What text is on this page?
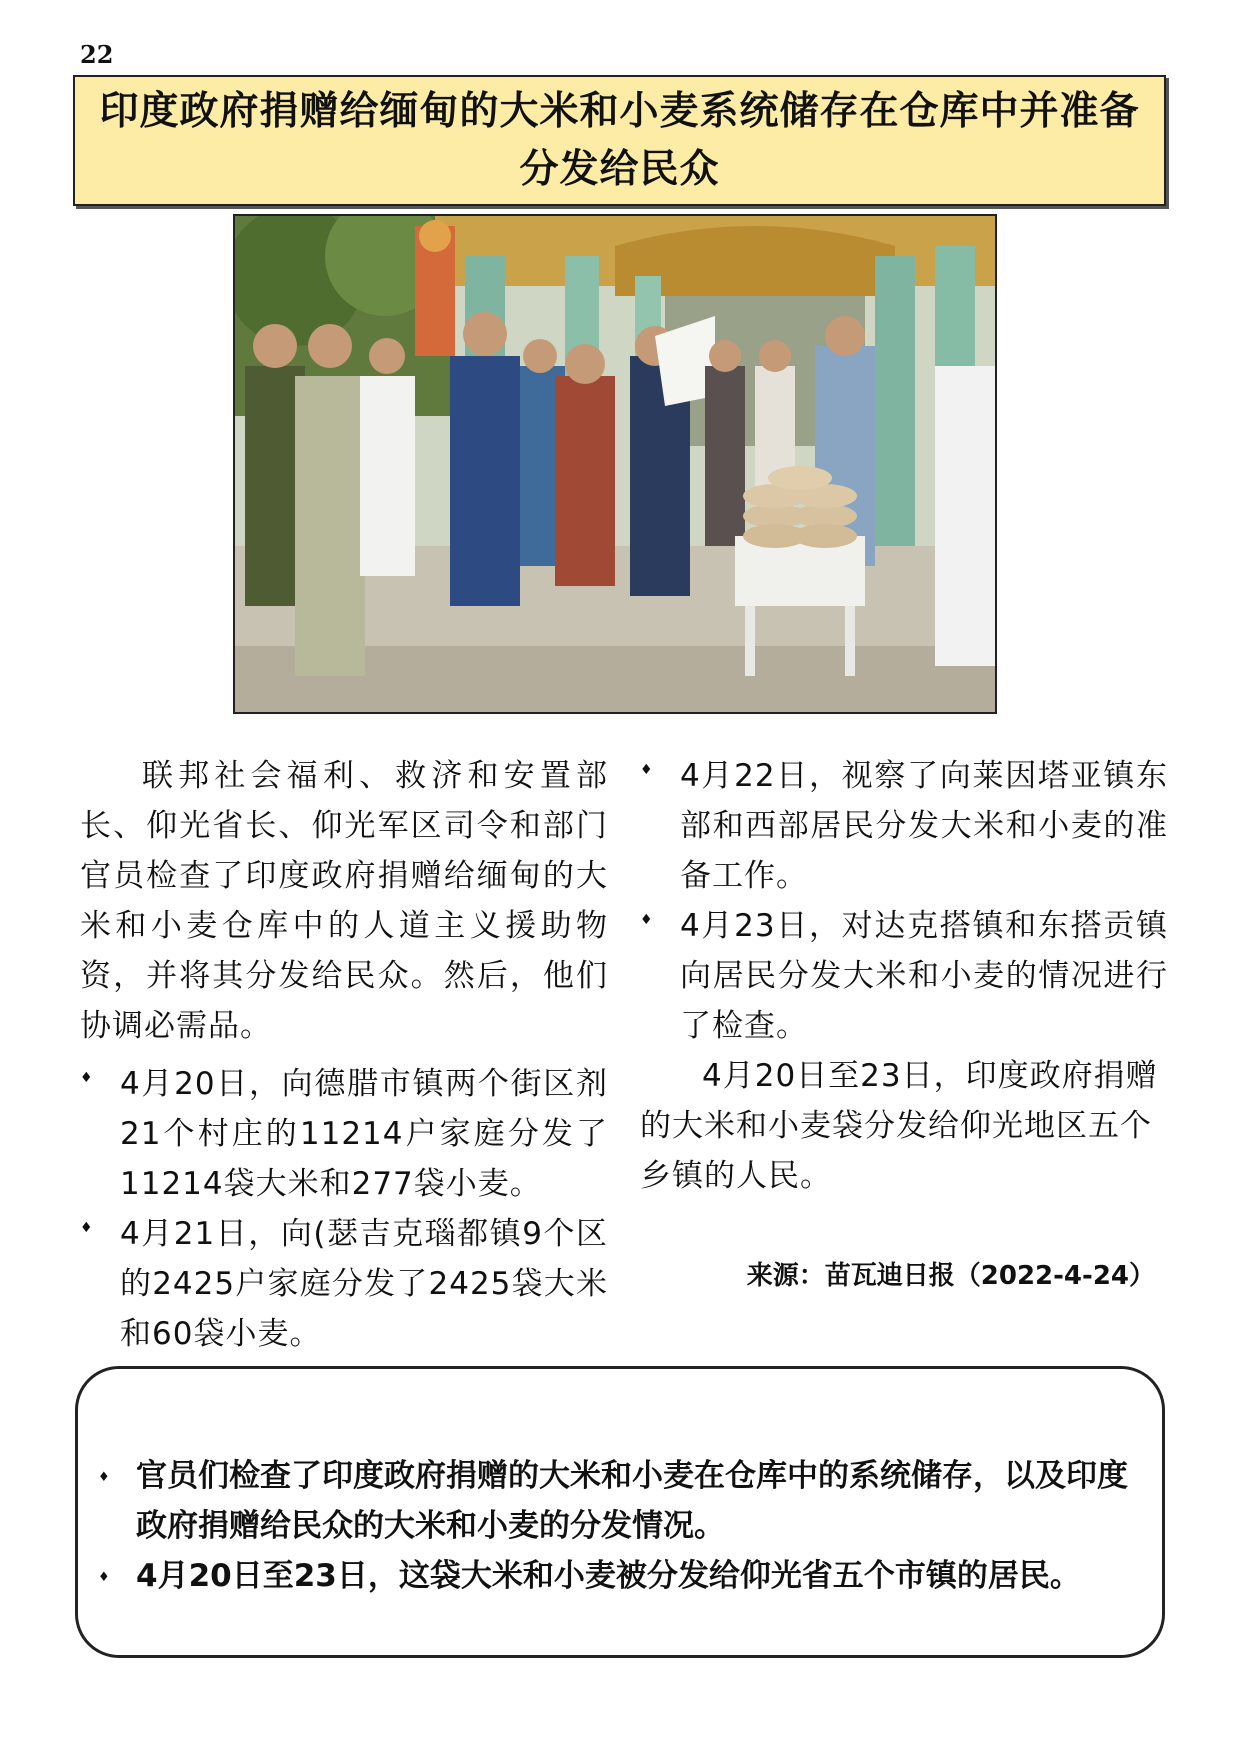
22
印度政府捐赠给缅甸的大米和小麦系统储存在仓库中并准备分发给民众

联邦社会福利、救济和安置部长、仰光省长、仰光军区司令和部门官员检查了印度政府捐赠给缅甸的大米和小麦仓库中的人道主义援助物资，并将其分发给民众。然后，他们协调必需品。

♦ 4月20日，向德腊市镇两个街区剂21个村庄的11214户家庭分发了11214袋大米和277袋小麦。
♦ 4月21日，向(瑟吉克瑙都镇9个区的2425户家庭分发了2425袋大米和60袋小麦。
♦ 4月22日，视察了向莱因塔亚镇东部和西部居民分发大米和小麦的准备工作。
♦ 4月23日，对达克搭镇和东搭贡镇向居民分发大米和小麦的情况进行了检查。

4月20日至23日，印度政府捐赠的大米和小麦袋分发给仰光地区五个乡镇的人民。

来源：苗瓦迪日报（2022-4-24）
♦ 官员们检查了印度政府捐赠的大米和小麦在仓库中的系统储存，以及印度政府捐赠给民众的大米和小麦的分发情况。
♦ 4月20日至23日，这袋大米和小麦被分发给仰光省五个市镇的居民。
